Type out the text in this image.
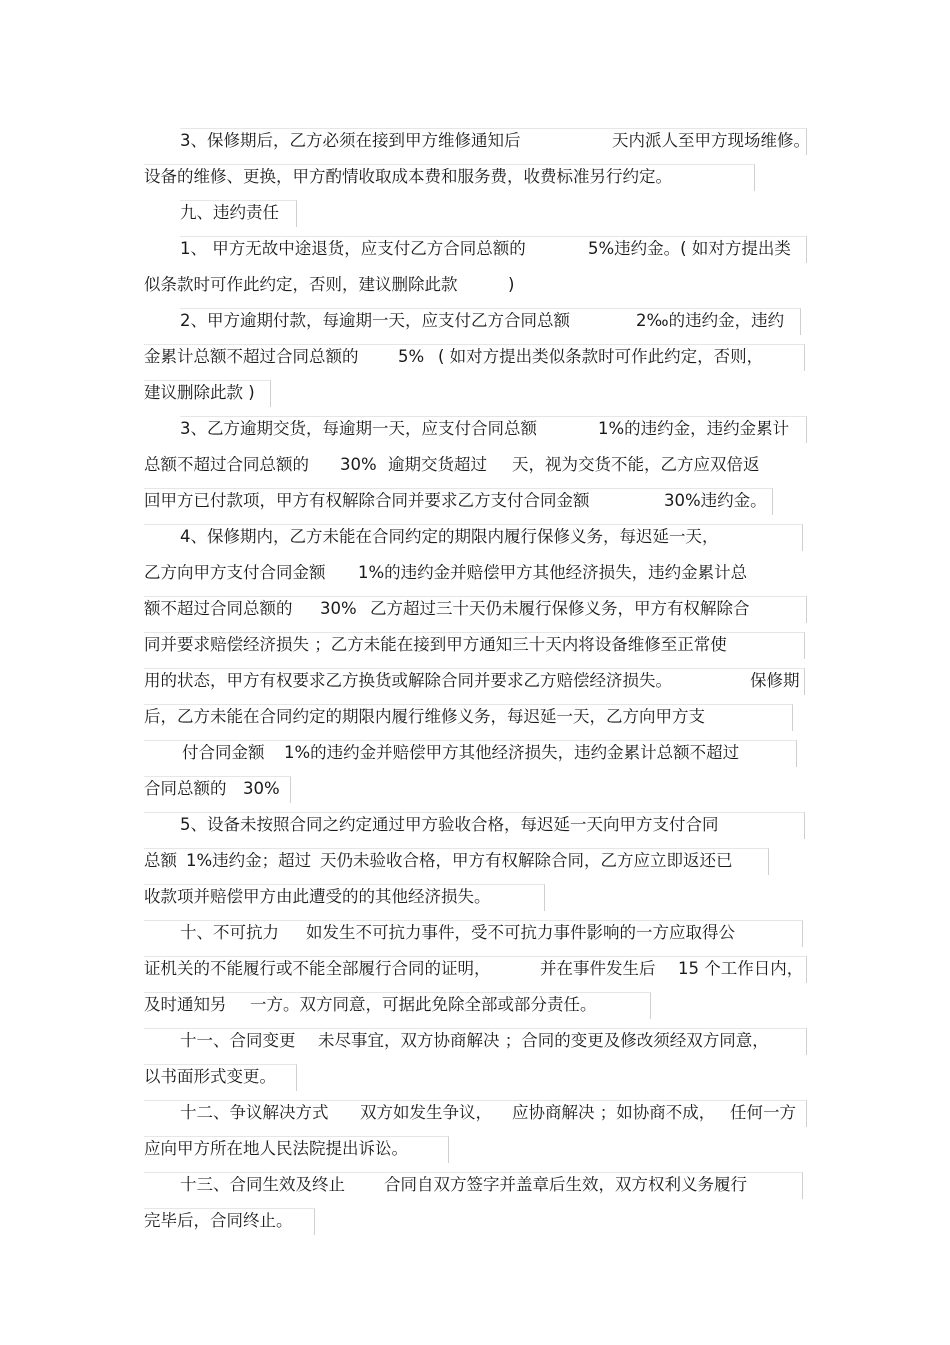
3、保修期后，乙方必须在接到甲方维修通知后

	天内派人至甲方现场维修。

设备的维修、更换，甲方酌情收取成本费和服务费，收费标准另行约定。

九、违约责任

1、 甲方无故中途退货，应支付乙方合同总额的

	5%违约金。( 如对方提出类

似条款时可作此约定，否则，建议删除此款

	)

2、甲方逾期付款，每逾期一天，应支付乙方合同总额

	2‰的违约金，违约

金累计总额不超过合同总额的

5%

( 如对方提出类似条款时可作此约定，否则，

建议删除此款 )

3、乙方逾期交货，每逾期一天，应支付合同总额

	1%的违约金，违约金累计

总额不超过合同总额的

30%

逾期交货超过

天，视为交货不能，乙方应双倍返

回甲方已付款项，甲方有权解除合同并要求乙方支付合同金额

	30%违约金。

4、保修期内，乙方未能在合同约定的期限内履行保修义务，每迟延一天，

乙方向甲方支付合同金额

1%的违约金并赔偿甲方其他经济损失，违约金累计总

额不超过合同总额的

30%

乙方超过三十天仍未履行保修义务，甲方有权解除合

同并要求赔偿经济损失 ；乙方未能在接到甲方通知三十天内将设备维修至正常使

用的状态，甲方有权要求乙方换货或解除合同并要求乙方赔偿经济损失。

	保修期

后，乙方未能在合同约定的期限内履行维修义务，每迟延一天，乙方向甲方支

付合同金额

1%的违约金并赔偿甲方其他经济损失，违约金累计总额不超过

合同总额的

30%

5、设备未按照合同之约定通过甲方验收合格，每迟延一天向甲方支付合同

总额

1%违约金；超过

天仍未验收合格，甲方有权解除合同，乙方应立即返还已

收款项并赔偿甲方由此遭受的的其他经济损失。

十、不可抗力

如发生不可抗力事件，受不可抗力事件影响的一方应取得公

证机关的不能履行或不能全部履行合同的证明，

	并在事件发生后

15 个工作日内，

及时通知另

一方。双方同意，可据此免除全部或部分责任。

十一、合同变更

未尽事宜，双方协商解决 ；合同的变更及修改须经双方同意，

以书面形式变更。

十二、争议解决方式

双方如发生争议，

应协商解决 ；如协商不成，

任何一方

应向甲方所在地人民法院提出诉讼。

十三、合同生效及终止

合同自双方签字并盖章后生效，双方权利义务履行

完毕后，合同终止。
